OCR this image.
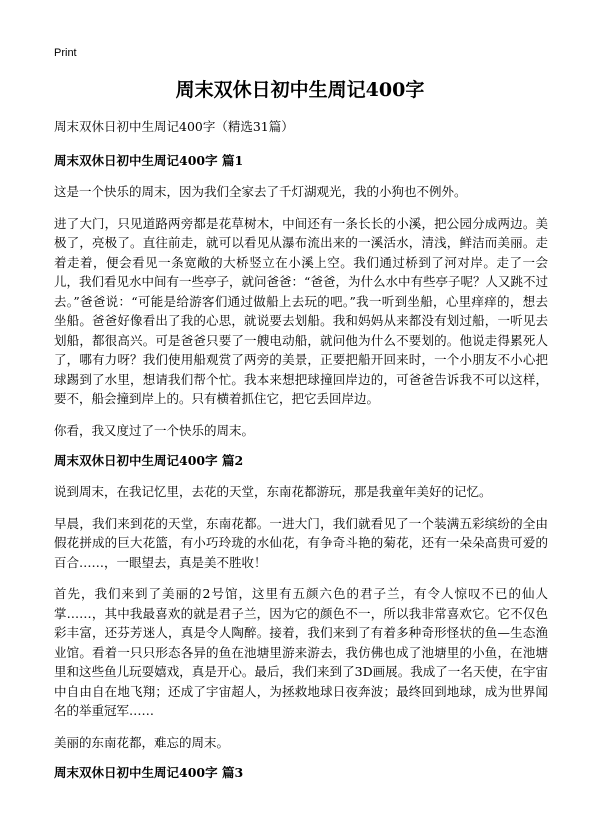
Print
周末双休日初中生周记400字

周末双休日初中生周记400字（精选31篇）

周末双休日初中生周记400字 篇1

这是一个快乐的周末，因为我们全家去了千灯湖观光，我的小狗也不例外。

进了大门，只见道路两旁都是花草树木，中间还有一条长长的小溪，把公园分成两边。美极了，亮极了。直往前走，就可以看见从瀑布流出来的一溪活水，清浅，鲜洁而美丽。走着走着，便会看见一条宽敞的大桥竖立在小溪上空。我们通过桥到了河对岸。走了一会儿，我们看见水中间有一些亭子，就问爸爸：“爸爸，为什么水中有些亭子呢？人又跳不过去。”爸爸说：“可能是给游客们通过做船上去玩的吧。”我一听到坐船，心里痒痒的，想去坐船。爸爸好像看出了我的心思，就说要去划船。我和妈妈从来都没有划过船，一听见去划船，都很高兴。可是爸爸只要了一艘电动船，就问他为什么不要划的。他说走得累死人了，哪有力呀？我们使用船观赏了两旁的美景，正要把船开回来时，一个小朋友不小心把球踢到了水里，想请我们帮个忙。我本来想把球撞回岸边的，可爸爸告诉我不可以这样，要不，船会撞到岸上的。只有横着抓住它，把它丢回岸边。

你看，我又度过了一个快乐的周末。

周末双休日初中生周记400字 篇2

说到周末，在我记忆里，去花的天堂，东南花都游玩，那是我童年美好的记忆。

早晨，我们来到花的天堂，东南花都。一进大门，我们就看见了一个装满五彩缤纷的全由假花拼成的巨大花篮，有小巧玲珑的水仙花，有争奇斗艳的菊花，还有一朵朵高贵可爱的百合……，一眼望去，真是美不胜收！

首先，我们来到了美丽的2号馆，这里有五颜六色的君子兰，有令人惊叹不已的仙人掌……，其中我最喜欢的就是君子兰，因为它的颜色不一，所以我非常喜欢它。它不仅色彩丰富，还芬芳迷人，真是令人陶醉。接着，我们来到了有着多种奇形怪状的鱼—生态渔业馆。看着一只只形态各异的鱼在池塘里游来游去，我仿佛也成了池塘里的小鱼，在池塘里和这些鱼儿玩耍嬉戏，真是开心。最后，我们来到了3D画展。我成了一名天使，在宇宙中自由自在地飞翔；还成了宇宙超人，为拯救地球日夜奔波；最终回到地球，成为世界闻名的举重冠军……

美丽的东南花都，难忘的周末。

周末双休日初中生周记400字 篇3
